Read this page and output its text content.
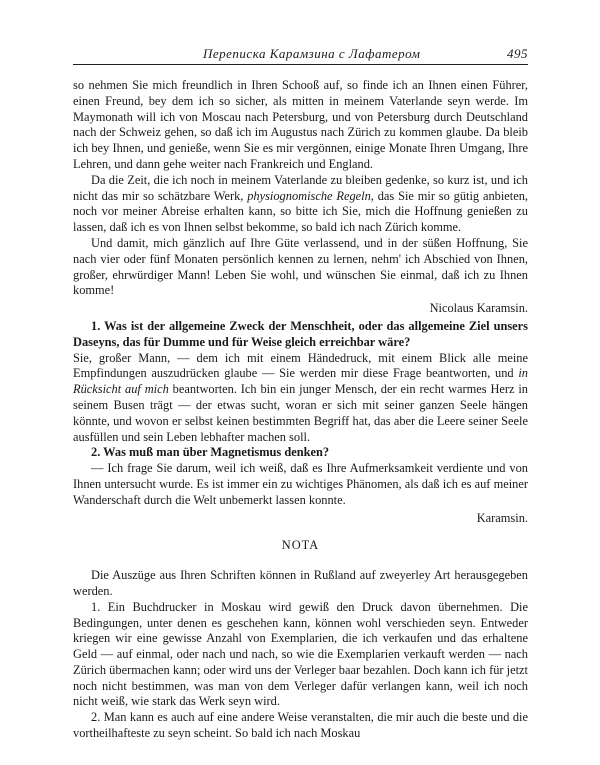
Переписка Карамзина с Лафатером	495

so nehmen Sie mich freundlich in Ihren Schooß auf, so finde ich an Ihnen einen Führer, einen Freund, bey dem ich so sicher, als mitten in meinem Vaterlande seyn werde. Im Maymonath will ich von Moscau nach Petersburg, und von Petersburg durch Deutschland nach der Schweiz gehen, so daß ich im Augustus nach Zürich zu kommen glaube. Da bleib ich bey Ihnen, und genieße, wenn Sie es mir vergönnen, einige Monate Ihren Umgang, Ihre Lehren, und dann gehe weiter nach Frankreich und England.

Da die Zeit, die ich noch in meinem Vaterlande zu bleiben gedenke, so kurz ist, und ich nicht das mir so schätzbare Werk, physiognomische Regeln, das Sie mir so gütig anbieten, noch vor meiner Abreise erhalten kann, so bitte ich Sie, mich die Hoffnung genießen zu lassen, daß ich es von Ihnen selbst bekomme, so bald ich nach Zürich komme.

Und damit, mich gänzlich auf Ihre Güte verlassend, und in der süßen Hoffnung, Sie nach vier oder fünf Monaten persönlich kennen zu lernen, nehm' ich Abschied von Ihnen, großer, ehrwürdiger Mann! Leben Sie wohl, und wünschen Sie einmal, daß ich zu Ihnen komme!

Nicolaus Karamsin.

1. Was ist der allgemeine Zweck der Menschheit, oder das allgemeine Ziel unsers Daseyns, das für Dumme und für Weise gleich erreichbar wäre?

Sie, großer Mann, — dem ich mit einem Händedruck, mit einem Blick alle meine Empfindungen auszudrücken glaube — Sie werden mir diese Frage beantworten, und in Rücksicht auf mich beantworten. Ich bin ein junger Mensch, der ein recht warmes Herz in seinem Busen trägt — der etwas sucht, woran er sich mit seiner ganzen Seele hängen könnte, und wovon er selbst keinen bestimmten Begriff hat, das aber die Leere seiner Seele ausfüllen und sein Leben lebhafter machen soll.

2. Was muß man über Magnetismus denken?

— Ich frage Sie darum, weil ich weiß, daß es Ihre Aufmerksamkeit verdiente und von Ihnen untersucht wurde. Es ist immer ein zu wichtiges Phänomen, als daß ich es auf meiner Wanderschaft durch die Welt unbemerkt lassen konnte.

Karamsin.

NOTA

Die Auszüge aus Ihren Schriften können in Rußland auf zweyerley Art herausgegeben werden.

1. Ein Buchdrucker in Moskau wird gewiß den Druck davon übernehmen. Die Bedingungen, unter denen es geschehen kann, können wohl verschieden seyn. Entweder kriegen wir eine gewisse Anzahl von Exemplarien, die ich verkaufen und das erhaltene Geld — auf einmal, oder nach und nach, so wie die Exemplarien verkauft werden — nach Zürich übermachen kann; oder wird uns der Verleger baar bezahlen. Doch kann ich für jetzt noch nicht bestimmen, was man von dem Verleger dafür verlangen kann, weil ich noch nicht weiß, wie stark das Werk seyn wird.

2. Man kann es auch auf eine andere Weise veranstalten, die mir auch die beste und die vortheilhafteste zu seyn scheint. So bald ich nach Moskau
